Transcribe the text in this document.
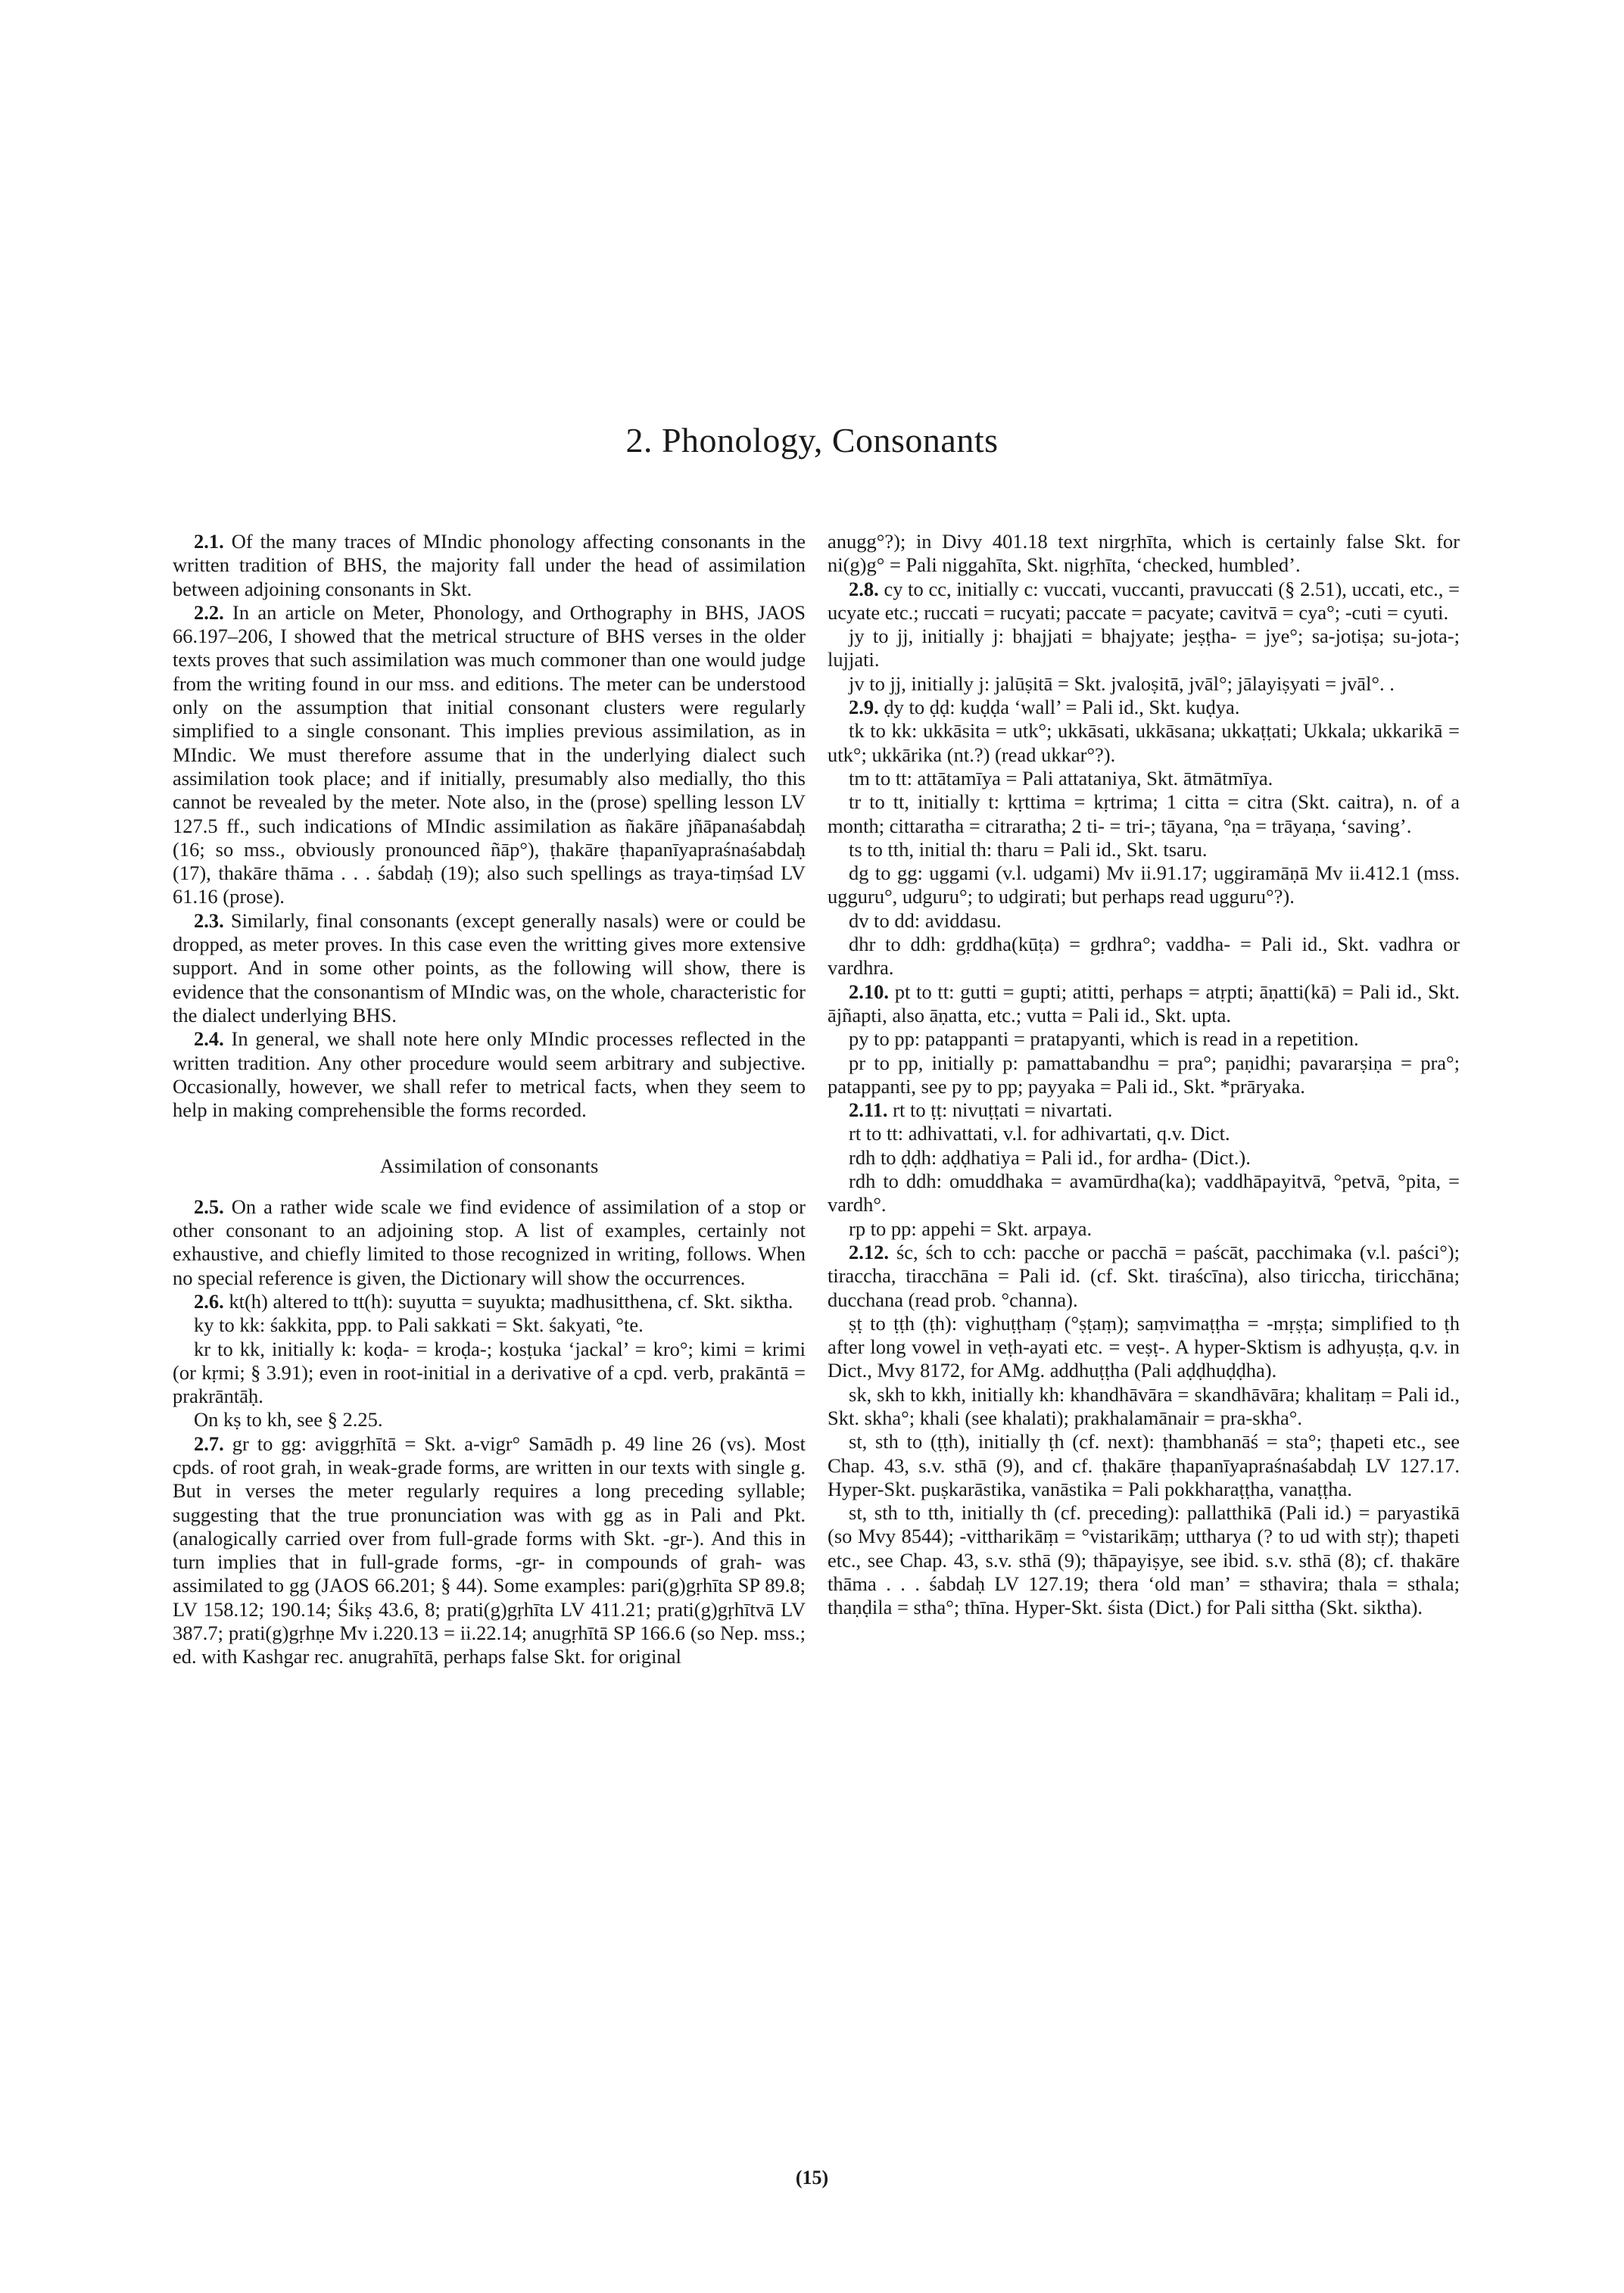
2. Phonology, Consonants

2.1. Of the many traces of MIndic phonology affecting consonants in the written tradition of BHS, the majority fall under the head of assimilation between adjoining consonants in Skt.

2.2. In an article on Meter, Phonology, and Orthography in BHS, JAOS 66.197–206, I showed that the metrical structure of BHS verses in the older texts proves that such assimilation was much commoner than one would judge from the writing found in our mss. and editions. The meter can be understood only on the assumption that initial consonant clusters were regularly simplified to a single consonant. This implies previous assimilation, as in MIndic. We must therefore assume that in the underlying dialect such assimilation took place; and if initially, presumably also medially, tho this cannot be revealed by the meter. Note also, in the (prose) spelling lesson LV 127.5 ff., such indications of MIndic assimilation as ñakāre jñāpanaśabdaḥ (16; so mss., obviously pronounced ñāp°), ṭhakāre ṭhapanīyapraśnaśabdaḥ (17), thakāre thāma . . . śabdaḥ (19); also such spellings as traya-tiṃśad LV 61.16 (prose).

2.3. Similarly, final consonants (except generally nasals) were or could be dropped, as meter proves. In this case even the writting gives more extensive support. And in some other points, as the following will show, there is evidence that the consonantism of MIndic was, on the whole, characteristic for the dialect underlying BHS.

2.4. In general, we shall note here only MIndic processes reflected in the written tradition. Any other procedure would seem arbitrary and subjective. Occasionally, however, we shall refer to metrical facts, when they seem to help in making comprehensible the forms recorded.

Assimilation of consonants

2.5. On a rather wide scale we find evidence of assimilation of a stop or other consonant to an adjoining stop. A list of examples, certainly not exhaustive, and chiefly limited to those recognized in writing, follows. When no special reference is given, the Dictionary will show the occurrences.

2.6. kt(h) altered to tt(h): suyutta = suyukta; madhusitthena, cf. Skt. siktha.

ky to kk: śakkita, ppp. to Pali sakkati = Skt. śakyati, °te.

kr to kk, initially k: koḍa- = kroḍa-; kosṭuka ‘jackal’ = kro°; kimi = krimi (or kṛmi; § 3.91); even in root-initial in a derivative of a cpd. verb, prakāntā = prakrāntāḥ.

On kṣ to kh, see § 2.25.

2.7. gr to gg: aviggṛhītā = Skt. a-vigr° Samādh p. 49 line 26 (vs). Most cpds. of root grah, in weak-grade forms, are written in our texts with single g. But in verses the meter regularly requires a long preceding syllable; suggesting that the true pronunciation was with gg as in Pali and Pkt. (analogically carried over from full-grade forms with Skt. -gr-). And this in turn implies that in full-grade forms, -gr- in compounds of grah- was assimilated to gg (JAOS 66.201; § 44). Some examples: pari(g)gṛhīta SP 89.8; LV 158.12; 190.14; Śikṣ 43.6, 8; prati(g)gṛhīta LV 411.21; prati(g)gṛhītvā LV 387.7; prati(g)gṛhṇe Mv i.220.13 = ii.22.14; anugṛhītā SP 166.6 (so Nep. mss.; ed. with Kashgar rec. anugrahītā, perhaps false Skt. for original

anugg°?); in Divy 401.18 text nirgṛhīta, which is certainly false Skt. for ni(g)g° = Pali niggahīta, Skt. nigṛhīta, ‘checked, humbled’.

2.8. cy to cc, initially c: vuccati, vuccanti, pravuccati (§ 2.51), uccati, etc., = ucyate etc.; ruccati = rucyati; paccate = pacyate; cavitvā = cya°; -cuti = cyuti.

jy to jj, initially j: bhajjati = bhajyate; jeṣṭha- = jye°; sa-jotiṣa; su-jota-; lujjati.

jv to jj, initially j: jalūṣitā = Skt. jvaloṣitā, jvāl°; jālayiṣyati = jvāl°. .

2.9. ḍy to ḍḍ: kuḍḍa ‘wall’ = Pali id., Skt. kuḍya.

tk to kk: ukkāsita = utk°; ukkāsati, ukkāsana; ukkaṭṭati; Ukkala; ukkarikā = utk°; ukkārika (nt.?) (read ukkar°?).

tm to tt: attātamīya = Pali attataniya, Skt. ātmātmīya.

tr to tt, initially t: kṛttima = kṛtrima; 1 citta = citra (Skt. caitra), n. of a month; cittaratha = citraratha; 2 ti- = tri-; tāyana, °ṇa = trāyaṇa, ‘saving’.

ts to tth, initial th: tharu = Pali id., Skt. tsaru.

dg to gg: uggami (v.l. udgami) Mv ii.91.17; uggiramāṇā Mv ii.412.1 (mss. ugguru°, udguru°; to udgirati; but perhaps read ugguru°?).

dv to dd: aviddasu.

dhr to ddh: gṛddha(kūṭa) = gṛdhra°; vaddha- = Pali id., Skt. vadhra or vardhra.

2.10. pt to tt: gutti = gupti; atitti, perhaps = atṛpti; āṇatti(kā) = Pali id., Skt. ājñapti, also āṇatta, etc.; vutta = Pali id., Skt. upta.

py to pp: patappanti = pratapyanti, which is read in a repetition.

pr to pp, initially p: pamattabandhu = pra°; paṇidhi; pavararṣiṇa = pra°; patappanti, see py to pp; payyaka = Pali id., Skt. *prāryaka.

2.11. rt to ṭṭ: nivuṭṭati = nivartati.

rt to tt: adhivattati, v.l. for adhivartati, q.v. Dict.

rdh to ḍḍh: aḍḍhatiya = Pali id., for ardha- (Dict.).

rdh to ddh: omuddhaka = avamūrdha(ka); vaddhāpayitvā, °petvā, °pita, = vardh°.

rp to pp: appehi = Skt. arpaya.

2.12. śc, śch to cch: pacche or pacchā = paścāt, pacchimaka (v.l. paści°); tiraccha, tiracchāna = Pali id. (cf. Skt. tiraścīna), also tiriccha, tiricchāna; ducchana (read prob. °channa).

ṣṭ to ṭṭh (ṭh): vighuṭṭhaṃ (°ṣṭaṃ); saṃvimaṭṭha = -mṛṣṭa; simplified to ṭh after long vowel in veṭh-ayati etc. = veṣṭ-. A hyper-Sktism is adhyuṣṭa, q.v. in Dict., Mvy 8172, for AMg. addhuṭṭha (Pali aḍḍhuḍḍha).

sk, skh to kkh, initially kh: khandhāvāra = skandhāvāra; khalitaṃ = Pali id., Skt. skha°; khali (see khalati); prakhalamānair = pra-skha°.

st, sth to (ṭṭh), initially ṭh (cf. next): ṭhambhanāś = sta°; ṭhapeti etc., see Chap. 43, s.v. sthā (9), and cf. ṭhakāre ṭhapanīyapraśnaśabdaḥ LV 127.17. Hyper-Skt. puṣkarāstika, vanāstika = Pali pokkharaṭṭha, vanaṭṭha.

st, sth to tth, initially th (cf. preceding): pallatthikā (Pali id.) = paryastikā (so Mvy 8544); -vittharikāṃ = °vistarikāṃ; uttharya (? to ud with stṛ); thapeti etc., see Chap. 43, s.v. sthā (9); thāpayiṣye, see ibid. s.v. sthā (8); cf. thakāre thāma . . . śabdaḥ LV 127.19; thera ‘old man’ = sthavira; thala = sthala; thaṇḍila = stha°; thīna. Hyper-Skt. śista (Dict.) for Pali sittha (Skt. siktha).

(15)
